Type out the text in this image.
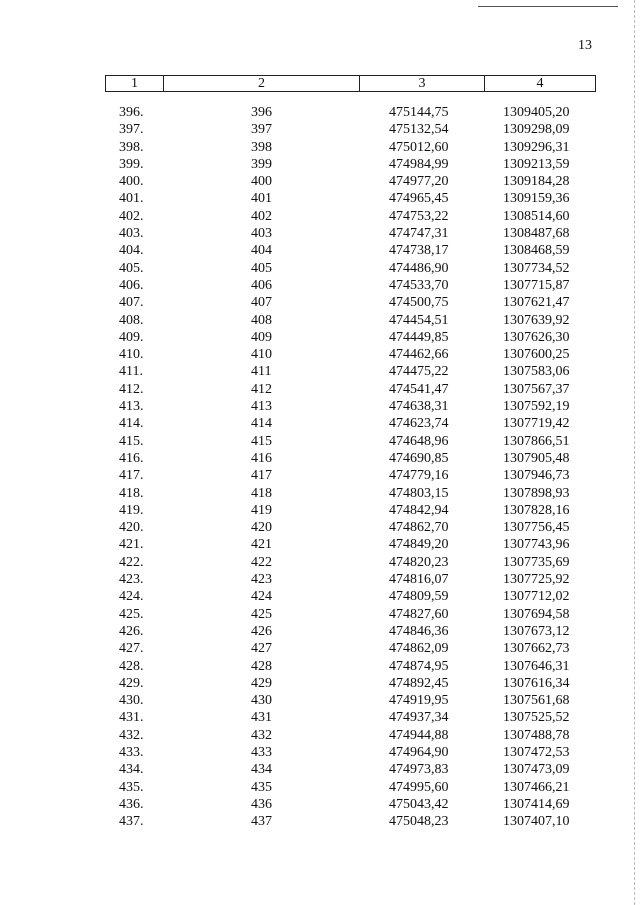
13
1	2	3	4
396.	396	475144,75	1309405,20
397.	397	475132,54	1309298,09
398.	398	475012,60	1309296,31
399.	399	474984,99	1309213,59
400.	400	474977,20	1309184,28
401.	401	474965,45	1309159,36
402.	402	474753,22	1308514,60
403.	403	474747,31	1308487,68
404.	404	474738,17	1308468,59
405.	405	474486,90	1307734,52
406.	406	474533,70	1307715,87
407.	407	474500,75	1307621,47
408.	408	474454,51	1307639,92
409.	409	474449,85	1307626,30
410.	410	474462,66	1307600,25
411.	411	474475,22	1307583,06
412.	412	474541,47	1307567,37
413.	413	474638,31	1307592,19
414.	414	474623,74	1307719,42
415.	415	474648,96	1307866,51
416.	416	474690,85	1307905,48
417.	417	474779,16	1307946,73
418.	418	474803,15	1307898,93
419.	419	474842,94	1307828,16
420.	420	474862,70	1307756,45
421.	421	474849,20	1307743,96
422.	422	474820,23	1307735,69
423.	423	474816,07	1307725,92
424.	424	474809,59	1307712,02
425.	425	474827,60	1307694,58
426.	426	474846,36	1307673,12
427.	427	474862,09	1307662,73
428.	428	474874,95	1307646,31
429.	429	474892,45	1307616,34
430.	430	474919,95	1307561,68
431.	431	474937,34	1307525,52
432.	432	474944,88	1307488,78
433.	433	474964,90	1307472,53
434.	434	474973,83	1307473,09
435.	435	474995,60	1307466,21
436.	436	475043,42	1307414,69
437.	437	475048,23	1307407,10
